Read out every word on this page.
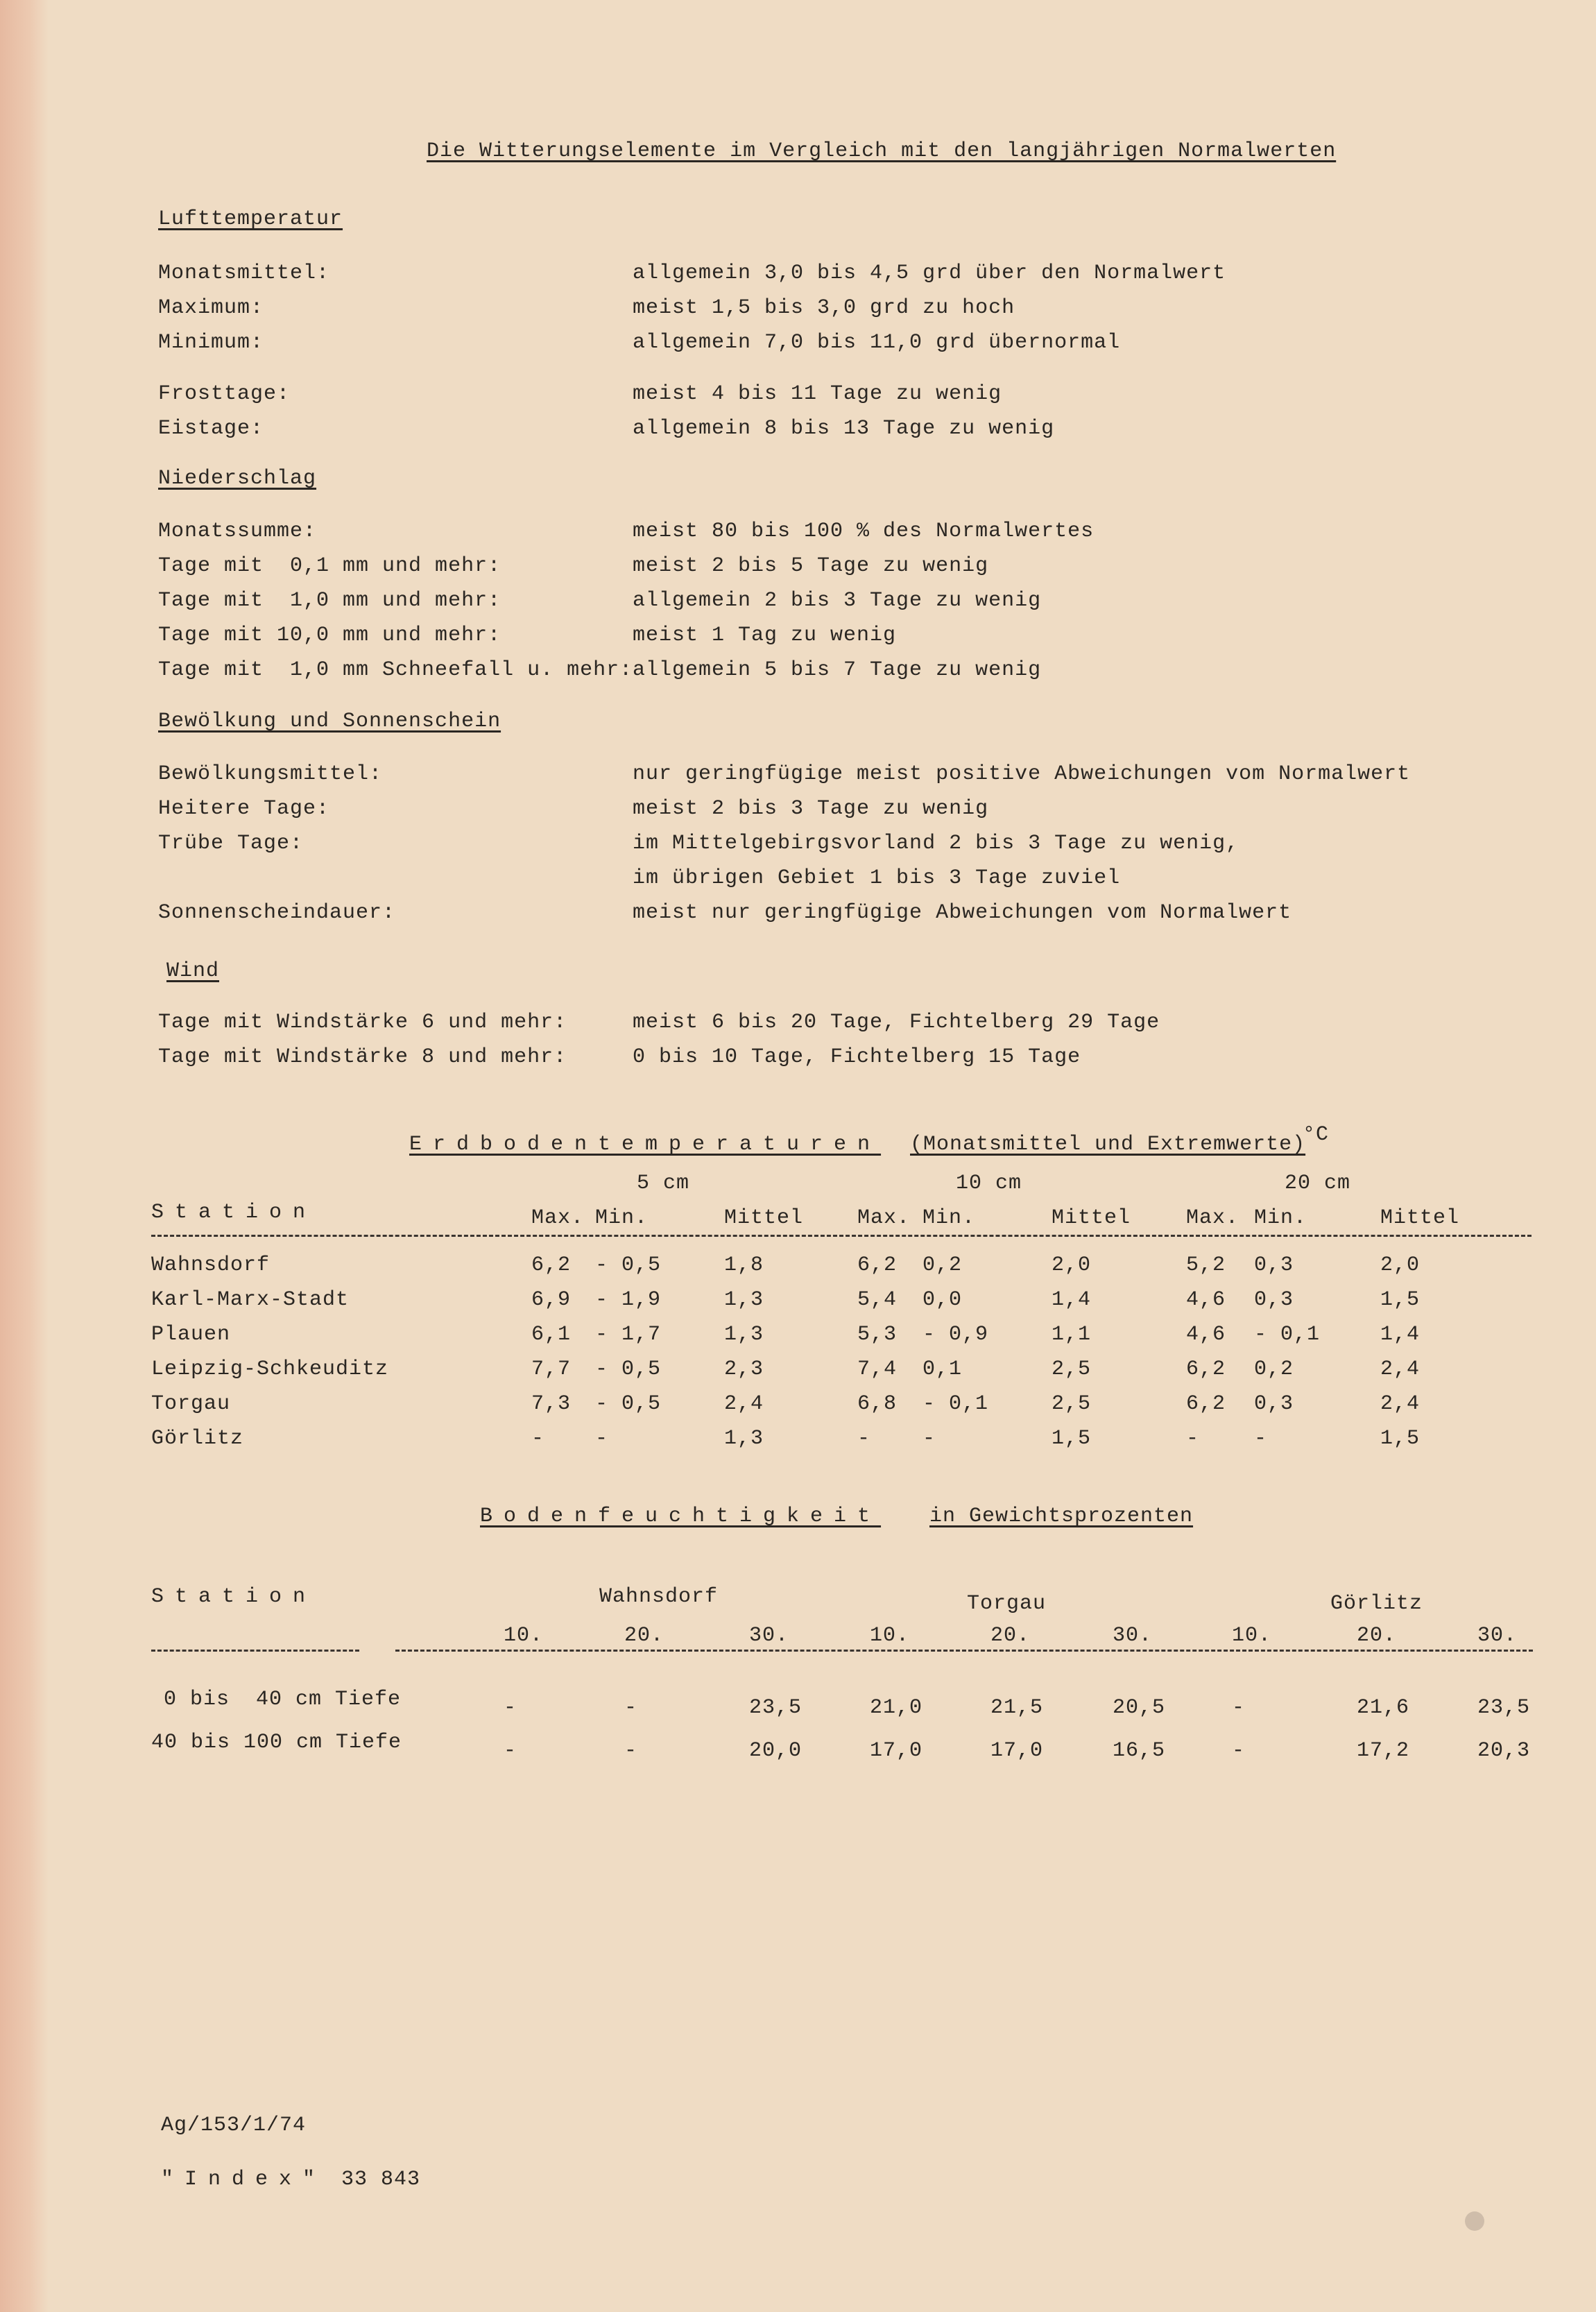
Die Witterungselemente im Vergleich mit den langjährigen Normalwerten
Lufttemperatur
Monatsmittel:	allgemein 3,0 bis 4,5 grd über den Normalwert
Maximum:	meist 1,5 bis 3,0 grd zu hoch
Minimum:	allgemein 7,0 bis 11,0 grd übernormal
Frosttage:	meist 4 bis 11 Tage zu wenig
Eistage:	allgemein 8 bis 13 Tage zu wenig
Niederschlag
Monatssumme:	meist 80 bis 100 % des Normalwertes
Tage mit  0,1 mm und mehr:	meist 2 bis 5 Tage zu wenig
Tage mit  1,0 mm und mehr:	allgemein 2 bis 3 Tage zu wenig
Tage mit 10,0 mm und mehr:	meist 1 Tag zu wenig
Tage mit  1,0 mm Schneefall u. mehr: allgemein 5 bis 7 Tage zu wenig
Bewölkung und Sonnenschein
Bewölkungsmittel:	nur geringfügige meist positive Abweichungen vom Normalwert
Heitere Tage:	meist 2 bis 3 Tage zu wenig
Trübe Tage:	im Mittelgebirgsvorland 2 bis 3 Tage zu wenig,
im übrigen Gebiet 1 bis 3 Tage zuviel
Sonnenscheindauer:	meist nur geringfügige Abweichungen vom Normalwert
Wind
Tage mit Windstärke 6 und mehr:	meist 6 bis 20 Tage, Fichtelberg 29 Tage
Tage mit Windstärke 8 und mehr:	0 bis 10 Tage, Fichtelberg 15 Tage
Erdbodentemperaturen (Monatsmittel und Extremwerte)
°C
5 cm	10 cm	20 cm
Station	Max. Min.	Mittel	Max. Min.	Mittel	Max. Min.	Mittel
Wahnsdorf	6,2 - 0,5	1,8	6,2 0,2	2,0	5,2 0,3	2,0
Karl-Marx-Stadt	6,9 - 1,9	1,3	5,4 0,0	1,4	4,6 0,3	1,5
Plauen	6,1 - 1,7	1,3	5,3 - 0,9	1,1	4,6 - 0,1	1,4
Leipzig-Schkeuditz	7,7 - 0,5	2,3	7,4 0,1	2,5	6,2 0,2	2,4
Torgau	7,3 - 0,5	2,4	6,8 - 0,1	2,5	6,2 0,3	2,4
Görlitz	- -	1,3	- -	1,5	-	-	1,5
Bodenfeuchtigkeit in Gewichtsprozenten
Station	Wahnsdorf	Torgau	Görlitz
10.	20.	30.	10.	20.	30.	10.	20.	30.
0 bis  40 cm Tiefe	-	-	23,5	21,0	21,5	20,5	-	21,6	23,5
40 bis 100 cm Tiefe	-	-	20,0	17,0	17,0	16,5	-	17,2	20,3
Ag/153/1/74
"Index" 33 843
